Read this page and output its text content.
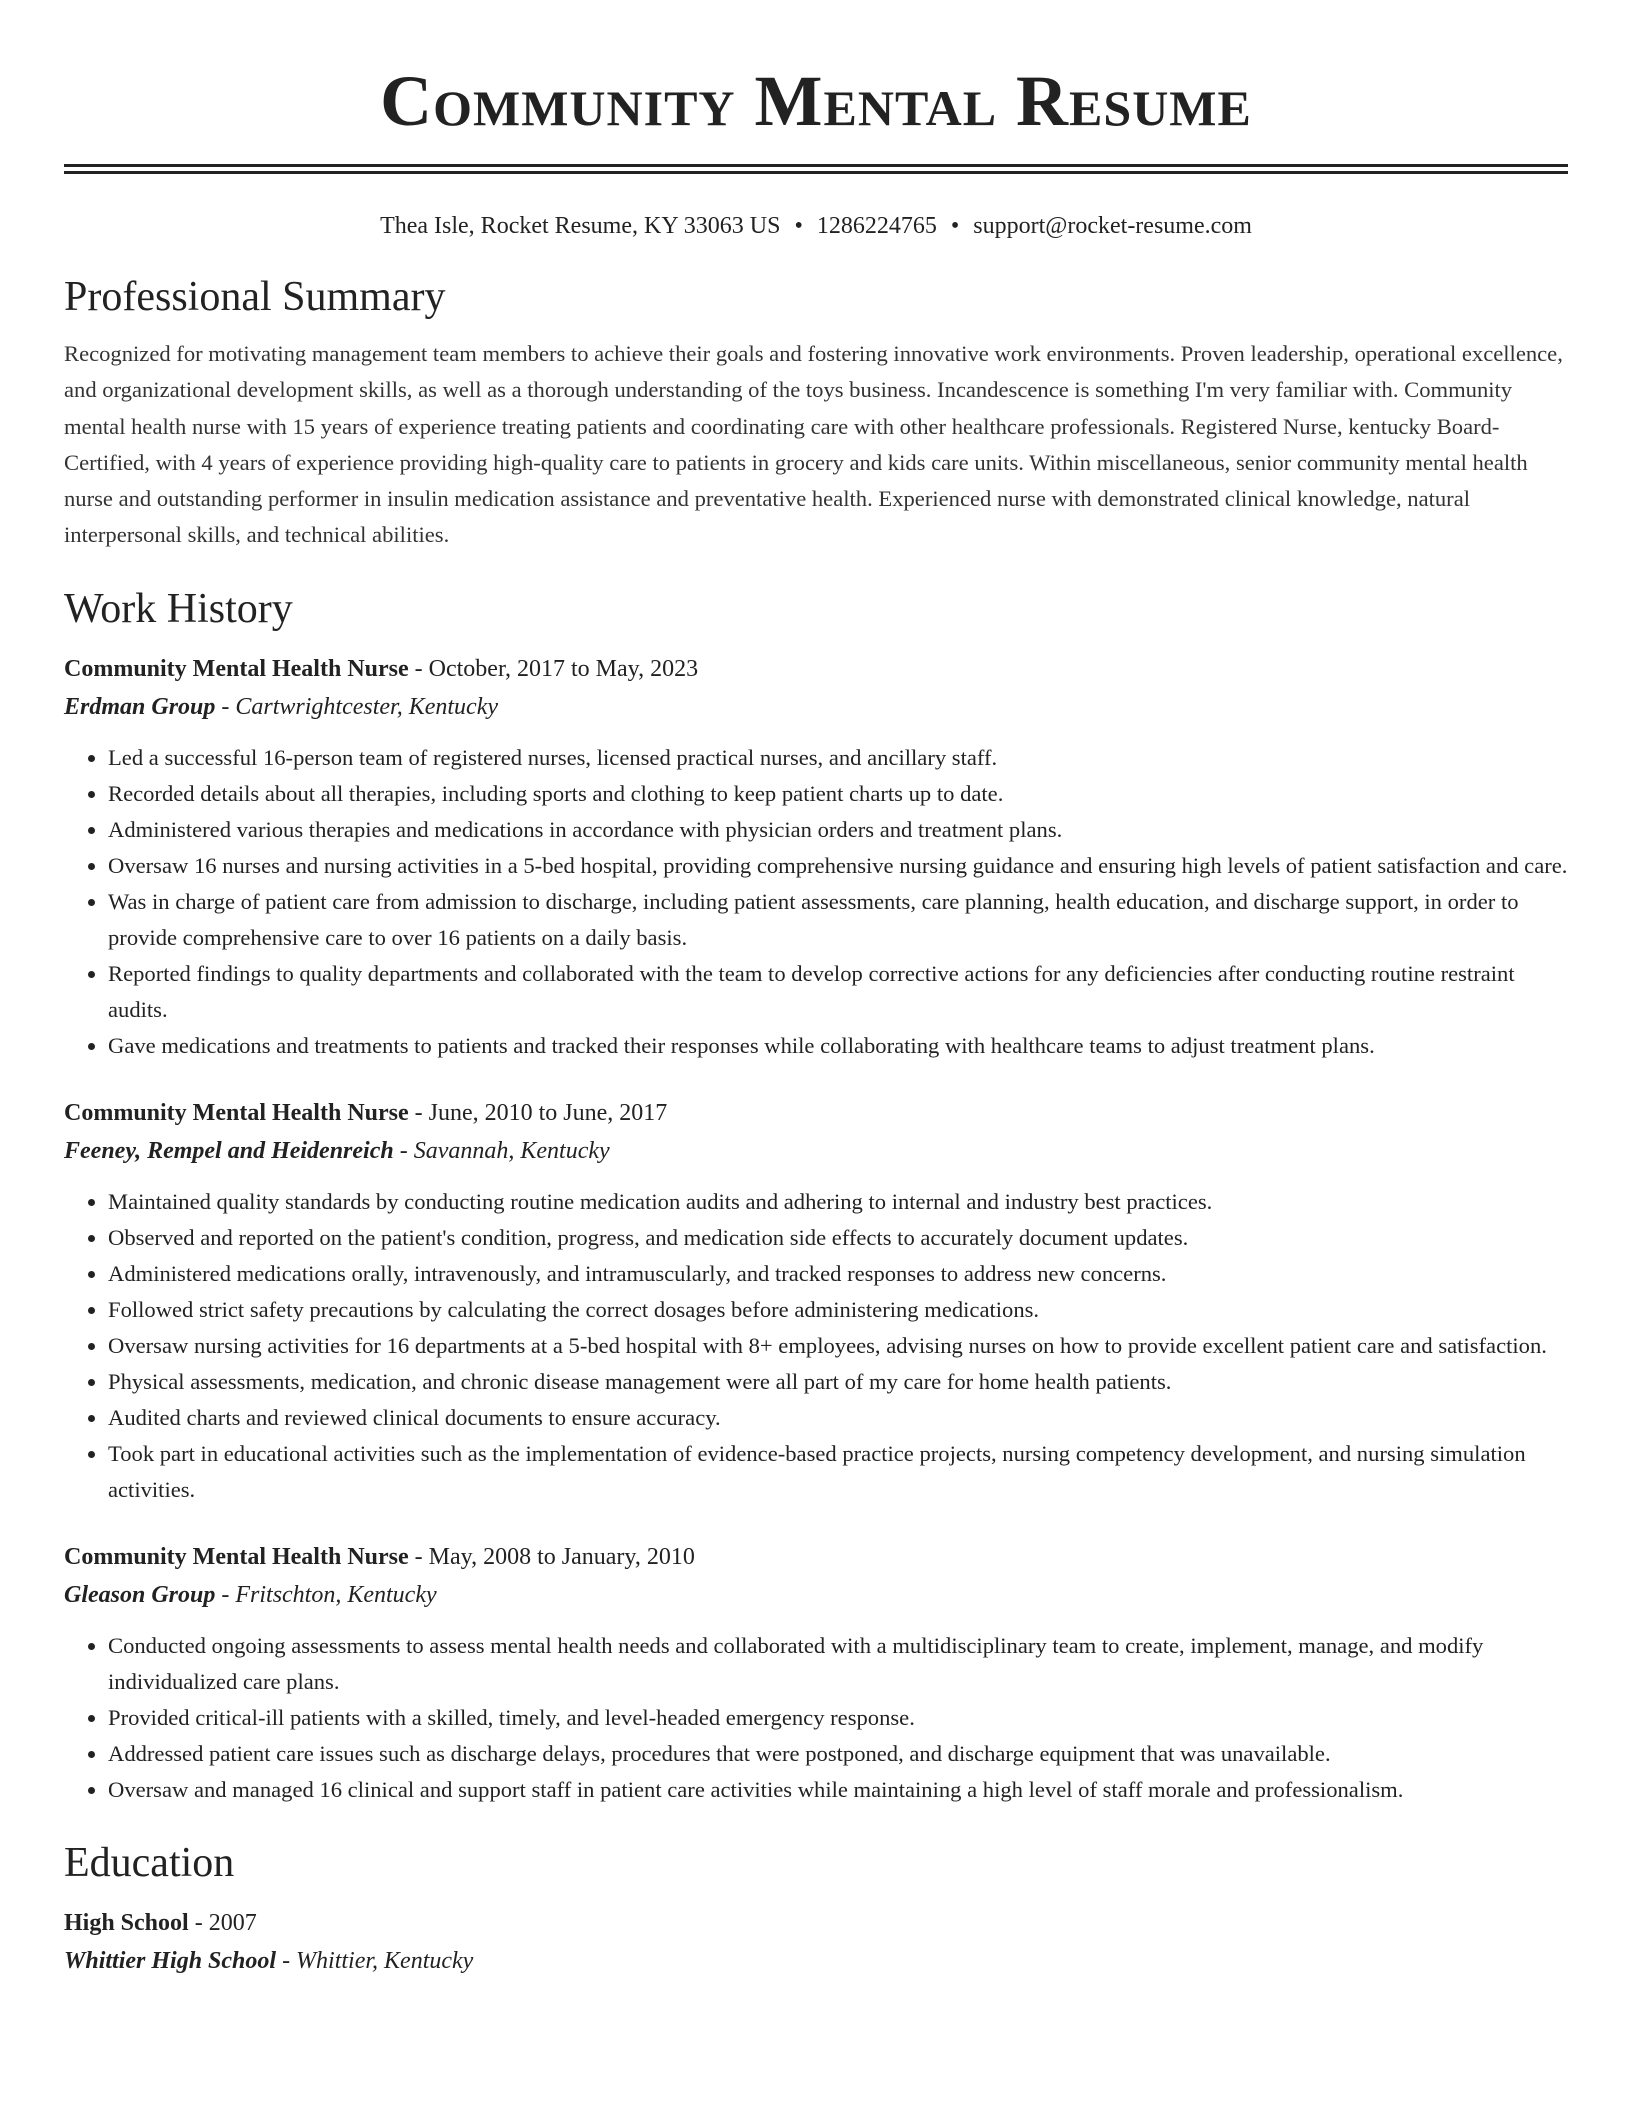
Community Mental Resume
Thea Isle, Rocket Resume, KY 33063 US • 1286224765 • support@rocket-resume.com
Professional Summary

Recognized for motivating management team members to achieve their goals and fostering innovative work environments. Proven leadership, operational excellence, and organizational development skills, as well as a thorough understanding of the toys business. Incandescence is something I'm very familiar with. Community mental health nurse with 15 years of experience treating patients and coordinating care with other healthcare professionals. Registered Nurse, kentucky Board-Certified, with 4 years of experience providing high-quality care to patients in grocery and kids care units. Within miscellaneous, senior community mental health nurse and outstanding performer in insulin medication assistance and preventative health. Experienced nurse with demonstrated clinical knowledge, natural interpersonal skills, and technical abilities.

Work History
Community Mental Health Nurse - October, 2017 to May, 2023
Erdman Group - Cartwrightcester, Kentucky
• Led a successful 16-person team of registered nurses, licensed practical nurses, and ancillary staff.
• Recorded details about all therapies, including sports and clothing to keep patient charts up to date.
• Administered various therapies and medications in accordance with physician orders and treatment plans.
• Oversaw 16 nurses and nursing activities in a 5-bed hospital, providing comprehensive nursing guidance and ensuring high levels of patient satisfaction and care.
• Was in charge of patient care from admission to discharge, including patient assessments, care planning, health education, and discharge support, in order to provide comprehensive care to over 16 patients on a daily basis.
• Reported findings to quality departments and collaborated with the team to develop corrective actions for any deficiencies after conducting routine restraint audits.
• Gave medications and treatments to patients and tracked their responses while collaborating with healthcare teams to adjust treatment plans.
Community Mental Health Nurse - June, 2010 to June, 2017
Feeney, Rempel and Heidenreich - Savannah, Kentucky
• Maintained quality standards by conducting routine medication audits and adhering to internal and industry best practices.
• Observed and reported on the patient's condition, progress, and medication side effects to accurately document updates.
• Administered medications orally, intravenously, and intramuscularly, and tracked responses to address new concerns.
• Followed strict safety precautions by calculating the correct dosages before administering medications.
• Oversaw nursing activities for 16 departments at a 5-bed hospital with 8+ employees, advising nurses on how to provide excellent patient care and satisfaction.
• Physical assessments, medication, and chronic disease management were all part of my care for home health patients.
• Audited charts and reviewed clinical documents to ensure accuracy.
• Took part in educational activities such as the implementation of evidence-based practice projects, nursing competency development, and nursing simulation activities.
Community Mental Health Nurse - May, 2008 to January, 2010
Gleason Group - Fritschton, Kentucky
• Conducted ongoing assessments to assess mental health needs and collaborated with a multidisciplinary team to create, implement, manage, and modify individualized care plans.
• Provided critical-ill patients with a skilled, timely, and level-headed emergency response.
• Addressed patient care issues such as discharge delays, procedures that were postponed, and discharge equipment that was unavailable.
• Oversaw and managed 16 clinical and support staff in patient care activities while maintaining a high level of staff morale and professionalism.
Education
High School - 2007
Whittier High School - Whittier, Kentucky
